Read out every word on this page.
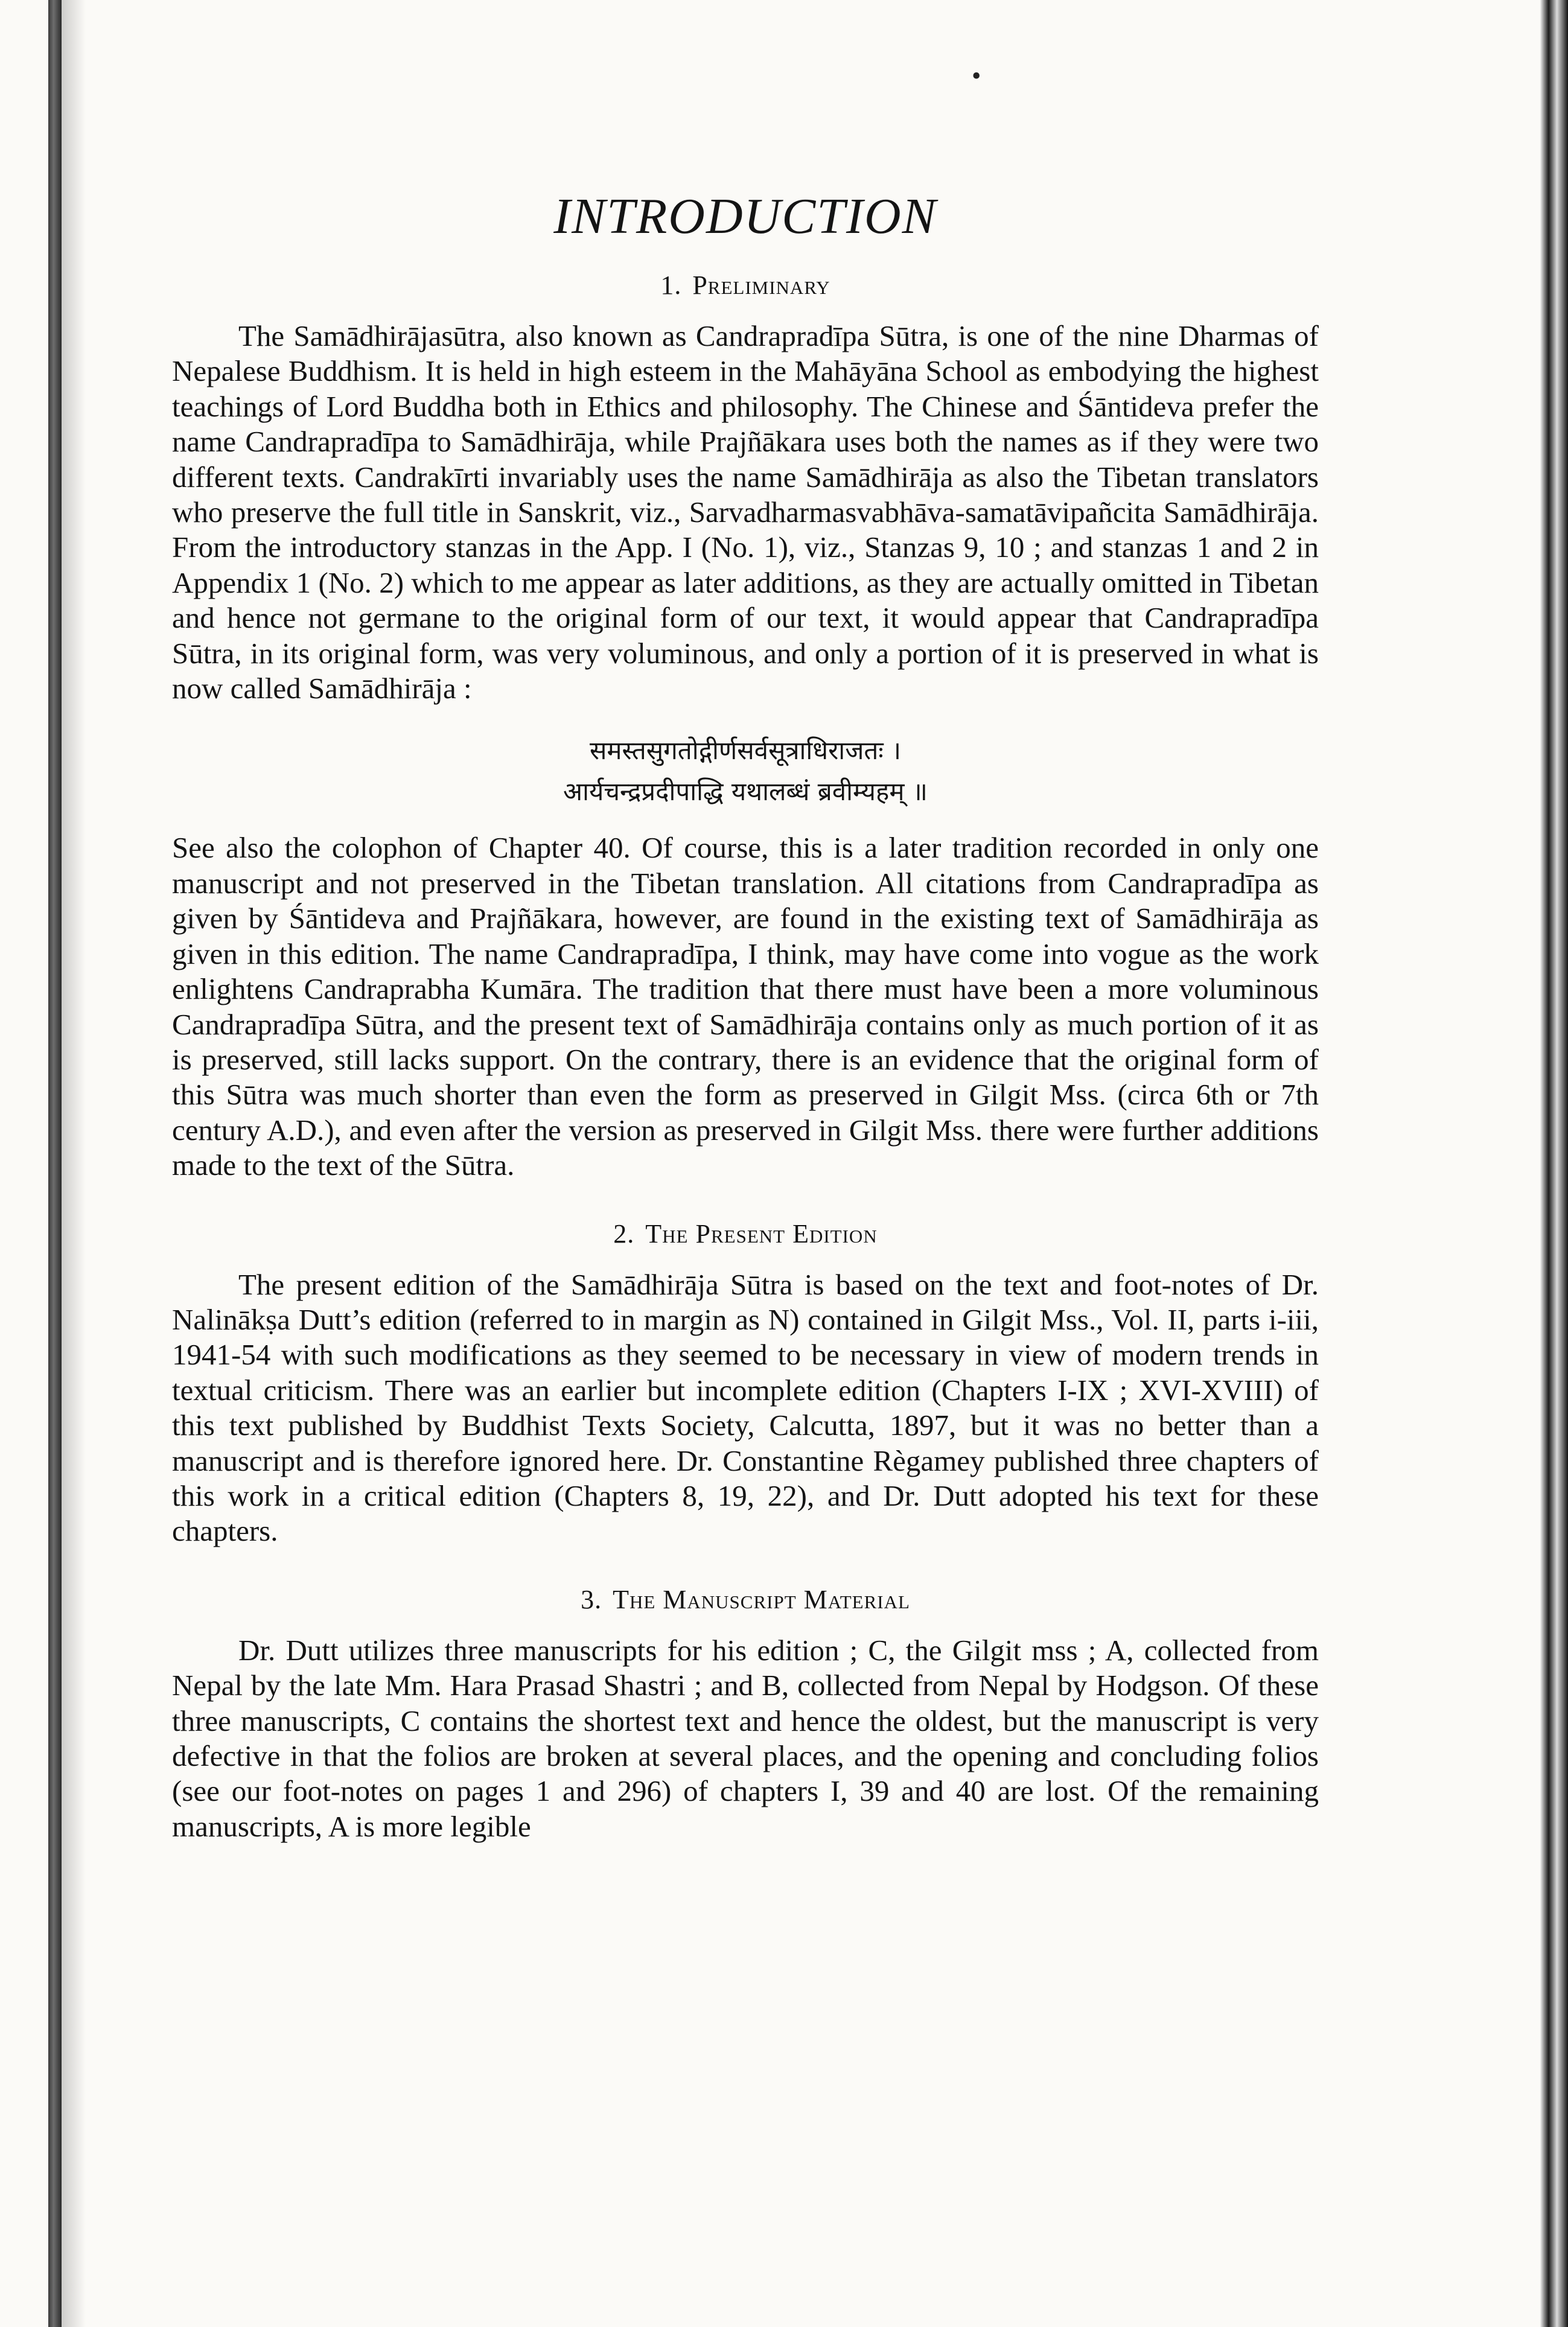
•
INTRODUCTION
1. Preliminary

The Samādhirājasūtra, also known as Candrapradīpa Sūtra, is one of the nine Dharmas of Nepalese Buddhism. It is held in high esteem in the Mahāyāna School as embodying the highest teachings of Lord Buddha both in Ethics and philosophy. The Chinese and Śāntideva prefer the name Candrapradīpa to Samādhirāja, while Prajñākara uses both the names as if they were two different texts. Candrakīrti invariably uses the name Samādhirāja as also the Tibetan translators who preserve the full title in Sanskrit, viz., Sarvadharmasvabhāva-samatāvipañcita Samādhirāja. From the introductory stanzas in the App. I (No. 1), viz., Stanzas 9, 10 ; and stanzas 1 and 2 in Appendix 1 (No. 2) which to me appear as later additions, as they are actually omitted in Tibetan and hence not germane to the original form of our text, it would appear that Candrapradīpa Sūtra, in its original form, was very voluminous, and only a portion of it is preserved in what is now called Samādhirāja :

समस्तसुगतोद्गीर्णसर्वसूत्राधिराजतः ।
आर्यचन्द्रप्रदीपाद्धि यथालब्धं ब्रवीम्यहम् ॥

See also the colophon of Chapter 40. Of course, this is a later tradition recorded in only one manuscript and not preserved in the Tibetan translation. All citations from Candrapradīpa as given by Śāntideva and Prajñākara, however, are found in the existing text of Samādhirāja as given in this edition. The name Candrapradīpa, I think, may have come into vogue as the work enlightens Candraprabha Kumāra. The tradition that there must have been a more voluminous Candrapradīpa Sūtra, and the present text of Samādhirāja contains only as much portion of it as is preserved, still lacks support. On the contrary, there is an evidence that the original form of this Sūtra was much shorter than even the form as preserved in Gilgit Mss. (circa 6th or 7th century A.D.), and even after the version as preserved in Gilgit Mss. there were further additions made to the text of the Sūtra.

2. The Present Edition

The present edition of the Samādhirāja Sūtra is based on the text and foot-notes of Dr. Nalinākṣa Dutt’s edition (referred to in margin as N) contained in Gilgit Mss., Vol. II, parts i-iii, 1941-54 with such modifications as they seemed to be necessary in view of modern trends in textual criticism. There was an earlier but incomplete edition (Chapters I-IX ; XVI-XVIII) of this text published by Buddhist Texts Society, Calcutta, 1897, but it was no better than a manuscript and is therefore ignored here. Dr. Constantine Règamey published three chapters of this work in a critical edition (Chapters 8, 19, 22), and Dr. Dutt adopted his text for these chapters.

3. The Manuscript Material

Dr. Dutt utilizes three manuscripts for his edition ; C, the Gilgit mss ; A, collected from Nepal by the late Mm. Hara Prasad Shastri ; and B, collected from Nepal by Hodgson. Of these three manuscripts, C contains the shortest text and hence the oldest, but the manuscript is very defective in that the folios are broken at several places, and the opening and concluding folios (see our foot-notes on pages 1 and 296) of chapters I, 39 and 40 are lost. Of the remaining manuscripts, A is more legible
